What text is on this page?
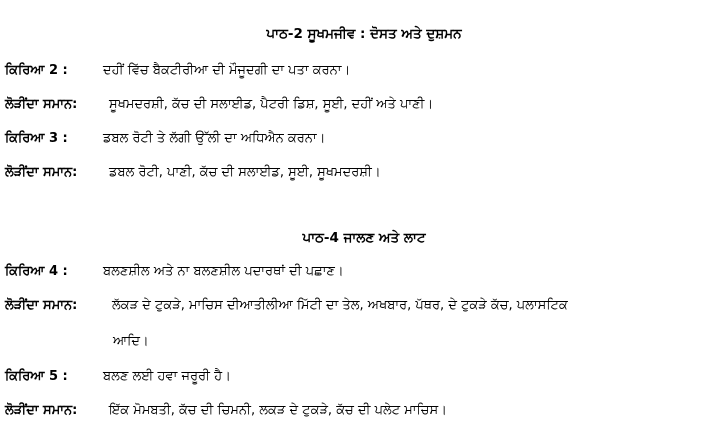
ਪਾਠ-2 ਸੂਖਮਜੀਵ : ਦੋਸਤ ਅਤੇ ਦੁਸ਼ਮਨ
ਕਿਰਿਆ 2 :	ਦਹੀਂ ਵਿੱਚ ਬੈਕਟੀਰੀਆ ਦੀ ਮੌਜੂਦਗੀ ਦਾ ਪਤਾ ਕਰਨਾ।
ਲੋੜੀਂਦਾ ਸਮਾਨ: ਸੂਖਮਦਰਸ਼ੀ, ਕੱਚ ਦੀ ਸਲਾਈਡ, ਪੈਟਰੀ ਡਿਸ਼, ਸੂਈ, ਦਹੀਂ ਅਤੇ ਪਾਣੀ।
ਕਿਰਿਆ 3 :	ਡਬਲ ਰੋਟੀ ਤੇ ਲੱਗੀ ਉੱਲੀ ਦਾ ਅਧਿਐਨ ਕਰਨਾ।
ਲੋੜੀਂਦਾ ਸਮਾਨ: ਡਬਲ ਰੋਟੀ, ਪਾਣੀ, ਕੱਚ ਦੀ ਸਲਾਈਡ, ਸੂਈ, ਸੂਖਮਦਰਸ਼ੀ।
ਪਾਠ-4 ਜਾਲਣ ਅਤੇ ਲਾਟ
ਕਿਰਿਆ 4 :	ਬਲਣਸ਼ੀਲ ਅਤੇ ਨਾ ਬਲਣਸ਼ੀਲ ਪਦਾਰਥਾਂ ਦੀ ਪਛਾਣ।
ਲੋੜੀਂਦਾ ਸਮਾਨ:	ਲੱਕੜ ਦੇ ਟੁਕੜੇ, ਮਾਚਿਸ ਦੀਆਤੀਲੀਆ ਮਿੱਟੀ ਦਾ ਤੇਲ, ਅਖਬਾਰ, ਪੱਥਰ, ਦੇ ਟੁਕੜੇ ਕੱਚ, ਪਲਾਸਟਿਕ
ਆਦਿ।
ਕਿਰਿਆ 5 :	ਬਲਣ ਲਈ ਹਵਾ ਜਰੂਰੀ ਹੈ।
ਲੋੜੀਂਦਾ ਸਮਾਨ: ਇੱਕ ਮੋਮਬਤੀ, ਕੱਚ ਦੀ ਚਿਮਨੀ, ਲਕੜ ਦੇ ਟੁਕੜੇ, ਕੱਚ ਦੀ ਪਲੇਟ ਮਾਚਿਸ।
